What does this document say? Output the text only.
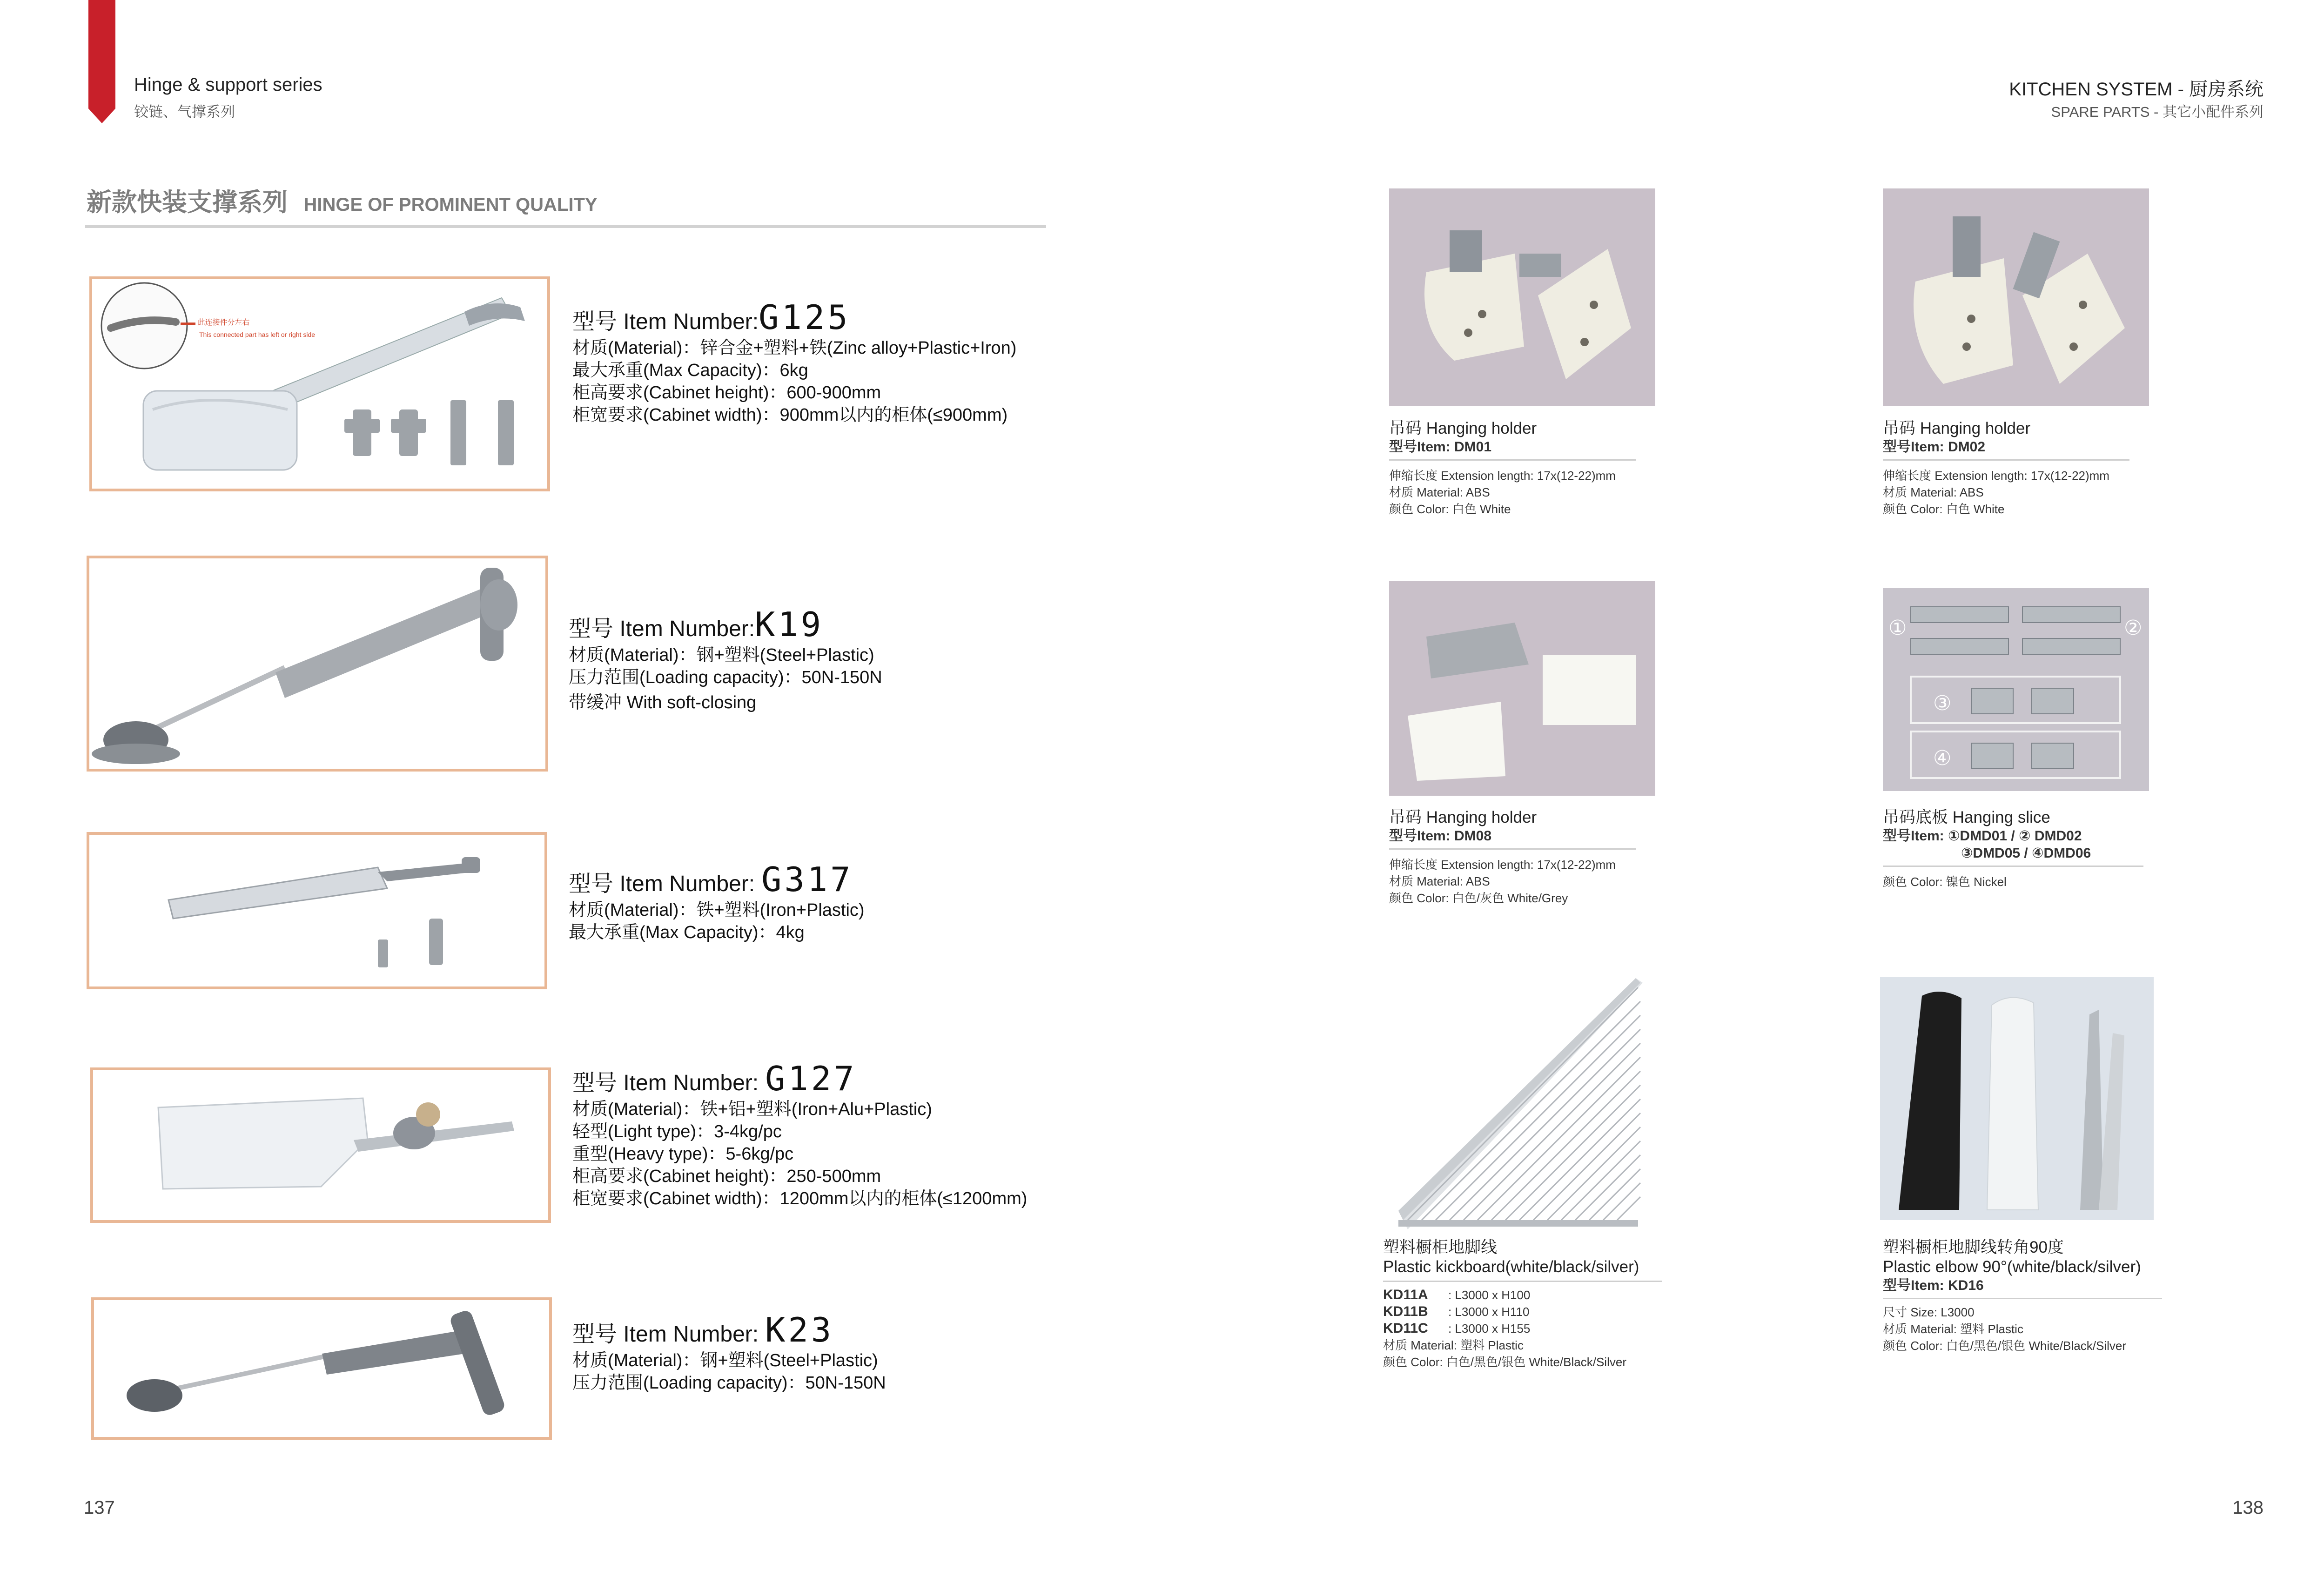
Hinge & support series
铰链、气撑系列
KITCHEN SYSTEM - 厨房系统
SPARE PARTS - 其它小配件系列
新款快装支撑系列 HINGE OF PROMINENT QUALITY
▬▬ 此连接件分左右
This connected part has left or right side
型号 Item Number:G125
材质(Material)：锌合金+塑料+铁(Zinc alloy+Plastic+Iron)
最大承重(Max Capacity)：6kg
柜高要求(Cabinet height)：600-900mm
柜宽要求(Cabinet width)：900mm以内的柜体(≤900mm)
型号 Item Number:K19
材质(Material)：钢+塑料(Steel+Plastic)
压力范围(Loading capacity)：50N-150N
带缓冲 With soft-closing
型号 Item Number: G317
材质(Material)：铁+塑料(Iron+Plastic)
最大承重(Max Capacity)：4kg
型号 Item Number: G127
材质(Material)：铁+铝+塑料(Iron+Alu+Plastic)
轻型(Light type)：3-4kg/pc
重型(Heavy type)：5-6kg/pc
柜高要求(Cabinet height)：250-500mm
柜宽要求(Cabinet width)：1200mm以内的柜体(≤1200mm)
型号 Item Number: K23
材质(Material)：钢+塑料(Steel+Plastic)
压力范围(Loading capacity)：50N-150N
吊码 Hanging holder
型号Item: DM01
伸缩长度 Extension length: 17x(12-22)mm
材质 Material: ABS
颜色 Color: 白色 White
吊码 Hanging holder
型号Item: DM02
伸缩长度 Extension length: 17x(12-22)mm
材质 Material: ABS
颜色 Color: 白色 White
吊码 Hanging holder
型号Item: DM08
伸缩长度 Extension length: 17x(12-22)mm
材质 Material: ABS
颜色 Color: 白色/灰色 White/Grey
①	②
③
④
吊码底板 Hanging slice
型号Item: ①DMD01 / ② DMD02
③DMD05 / ④DMD06
颜色 Color: 镍色 Nickel
塑料橱柜地脚线
Plastic kickboard(white/black/silver)
KD11A : L3000 x H100
KD11B : L3000 x H110
KD11C : L3000 x H155
材质 Material: 塑料 Plastic
颜色 Color: 白色/黑色/银色 White/Black/Silver
塑料橱柜地脚线转角90度
Plastic elbow 90°(white/black/silver)
型号Item: KD16
尺寸 Size: L3000
材质 Material: 塑料 Plastic
颜色 Color: 白色/黑色/银色 White/Black/Silver
137	138
